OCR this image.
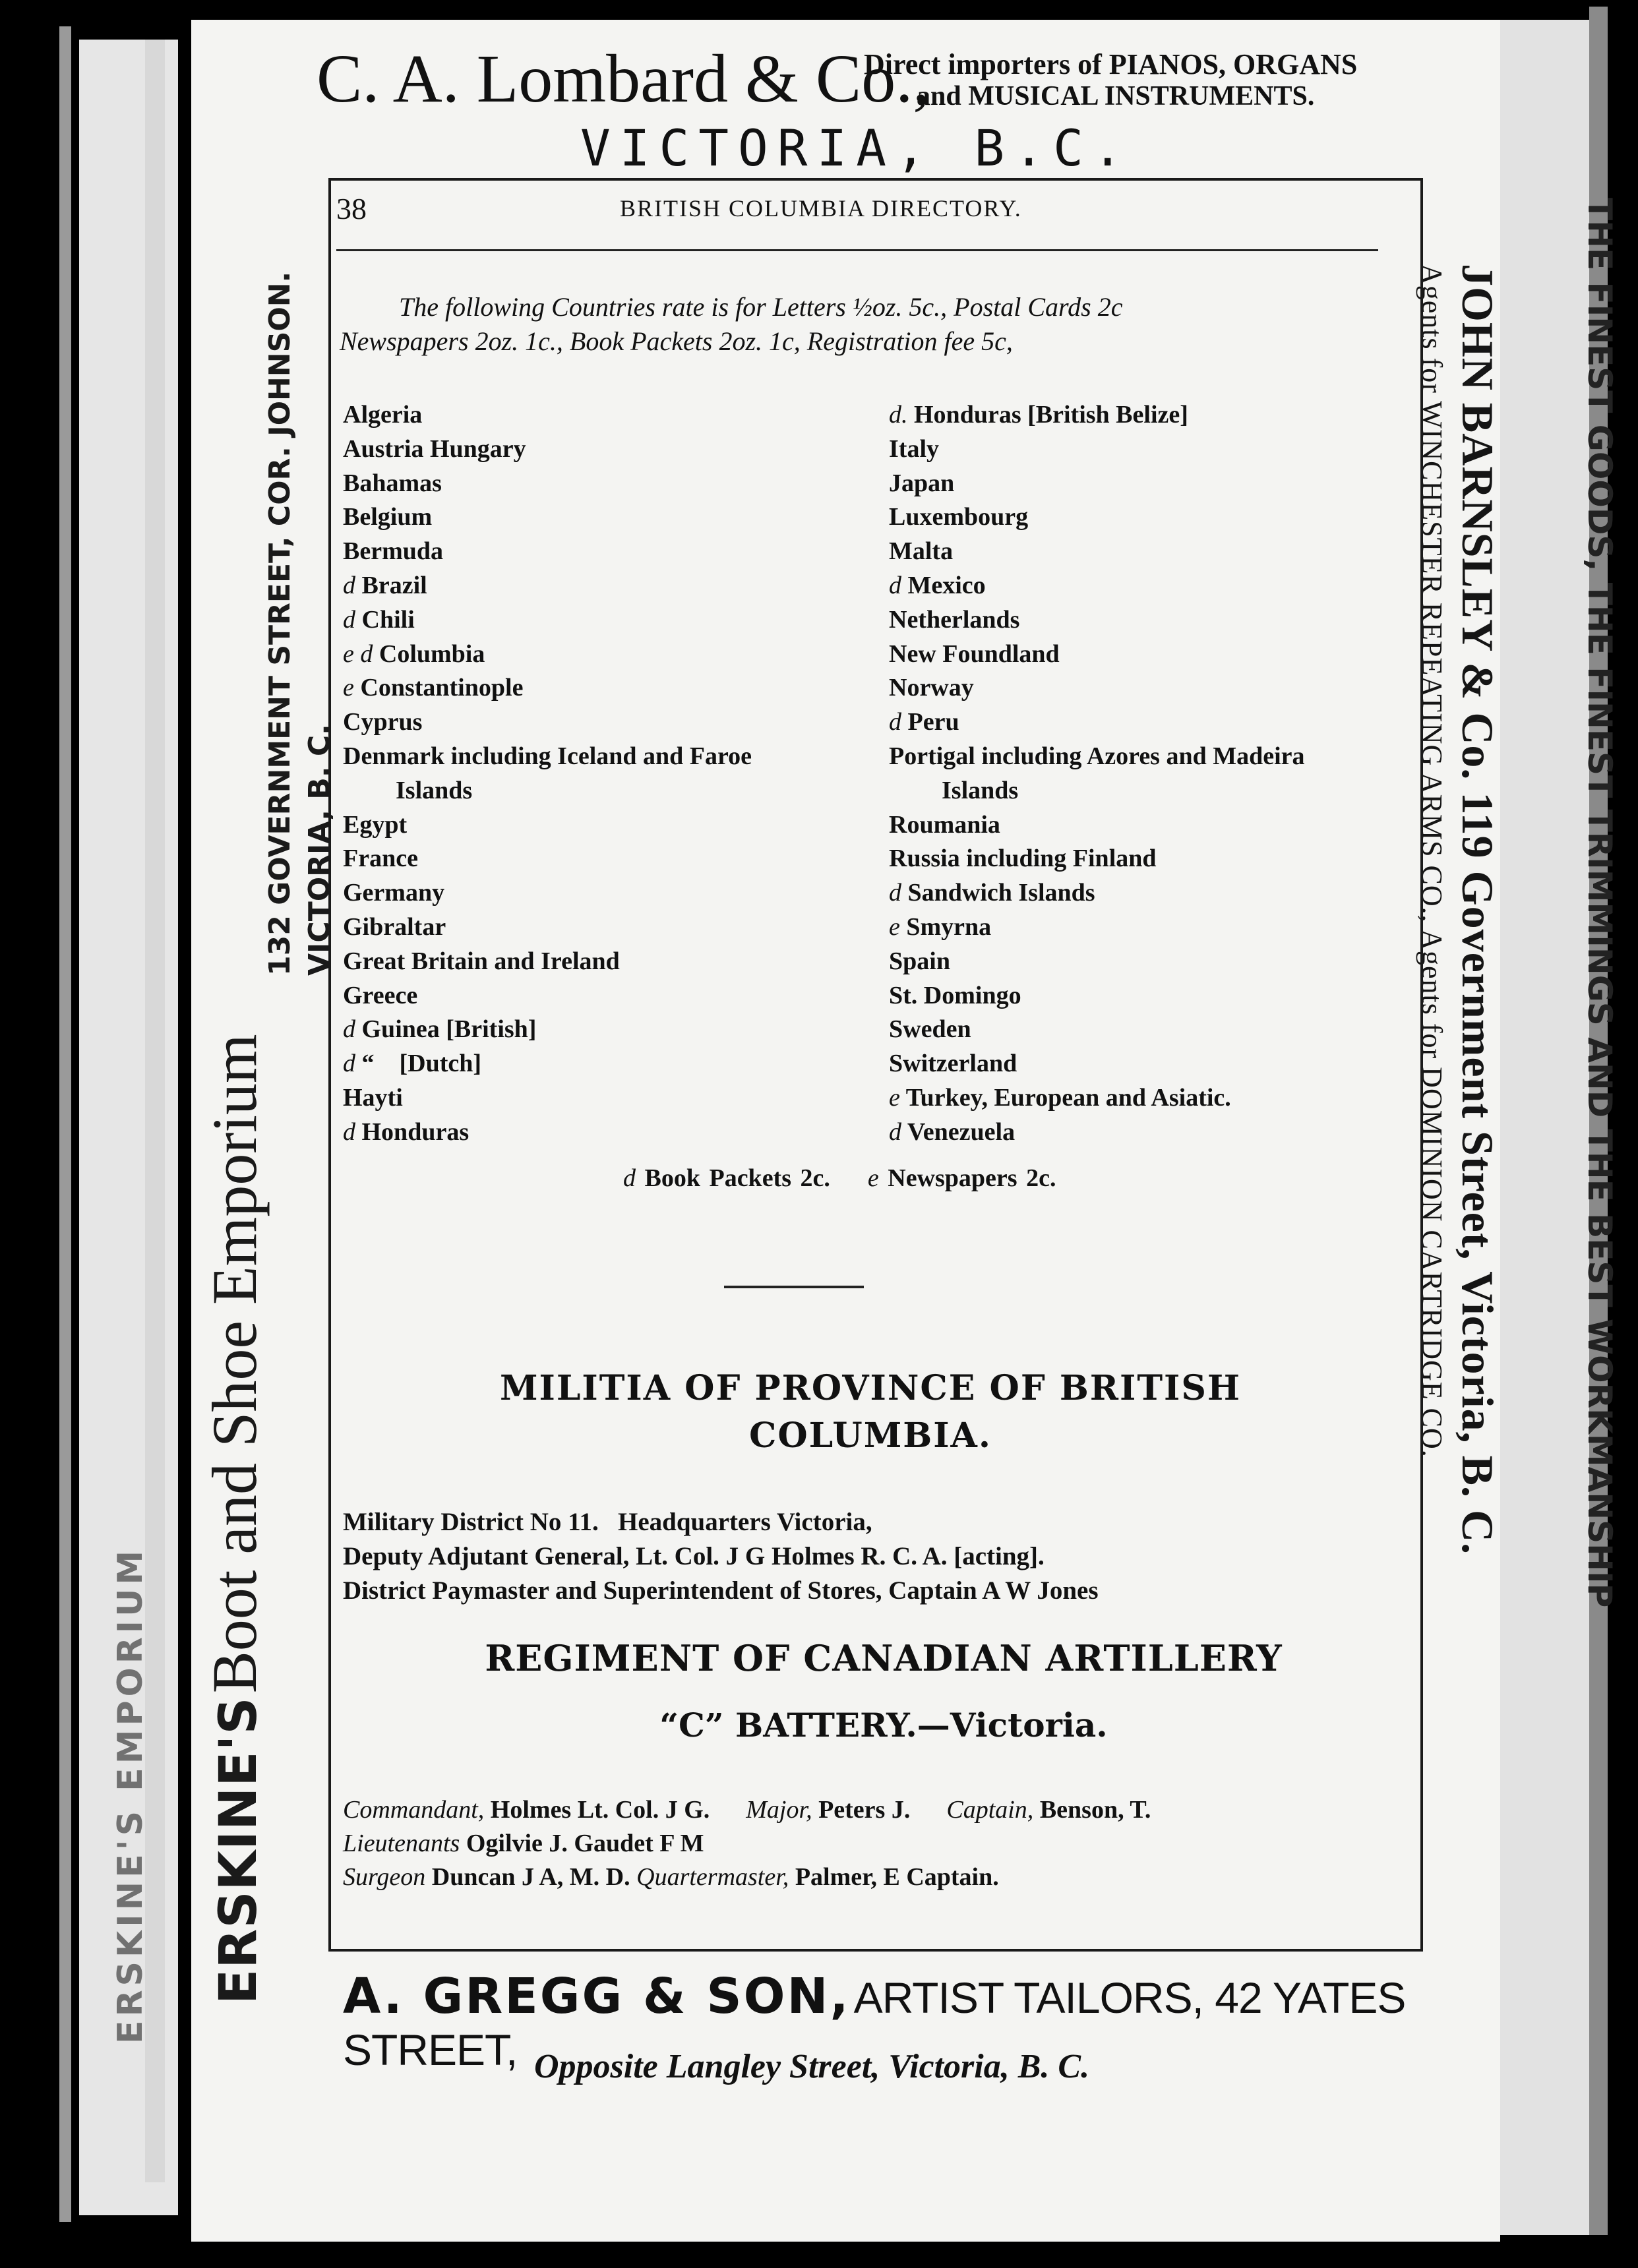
ERSKINE'S EMPORIUM ERSKINE'S Boot and Shoe Emporium
132 GOVERNMENT STREET, COR. JOHNSON. VICTORIA, B. C.	JOHN BARNSLEY & Co. 119 Government Street, Victoria, B. C.
Agents for WINCHESTER REPEATING ARMS CO., Agents for DOMINION CARTRIDGE CO.	THE FINEST GOODS, THE FINEST TRIMMINGS AND THE BEST WORKMANSHIP
C. A. Lombard & Co.,
Direct importers of PIANOS, ORGANS
and MUSICAL INSTRUMENTS.
VICTORIA, B.C.
38	BRITISH COLUMBIA DIRECTORY.
The following Countries rate is for Letters ½oz. 5c., Postal Cards 2c
Newspapers 2oz. 1c., Book Packets 2oz. 1c, Registration fee 5c,
Algeria
Austria Hungary
Bahamas
Belgium
Bermuda
d Brazil
d Chili
e d Columbia
e Constantinople
Cyprus
Denmark including Iceland and Faroe
Islands
Egypt
France
Germany
Gibraltar
Great Britain and Ireland
Greece
d Guinea [British]
d “    [Dutch]
Hayti
d Honduras
d. Honduras [British Belize]
Italy
Japan
Luxembourg
Malta
d Mexico
Netherlands
New Foundland
Norway
d Peru
Portigal including Azores and Madeira
Islands
Roumania
Russia including Finland
d Sandwich Islands
e Smyrna
Spain
St. Domingo
Sweden
Switzerland
e Turkey, European and Asiatic.
d Venezuela
d Book Packets 2c. e Newspapers 2c.
MILITIA OF PROVINCE OF BRITISH
COLUMBIA.
Military District No 11.   Headquarters Victoria,
Deputy Adjutant General, Lt. Col. J G Holmes R. C. A. [acting].
District Paymaster and Superintendent of Stores, Captain A W Jones
REGIMENT OF CANADIAN ARTILLERY
“C” BATTERY.—Victoria.
Commandant, Holmes Lt. Col. J G. Major, Peters J. Captain, Benson, T.
Lieutenants Ogilvie J. Gaudet F M
Surgeon Duncan J A, M. D. Quartermaster, Palmer, E Captain.
A. GREGG & SON, ARTIST TAILORS, 42 YATES STREET, Opposite Langley Street, Victoria, B. C.
